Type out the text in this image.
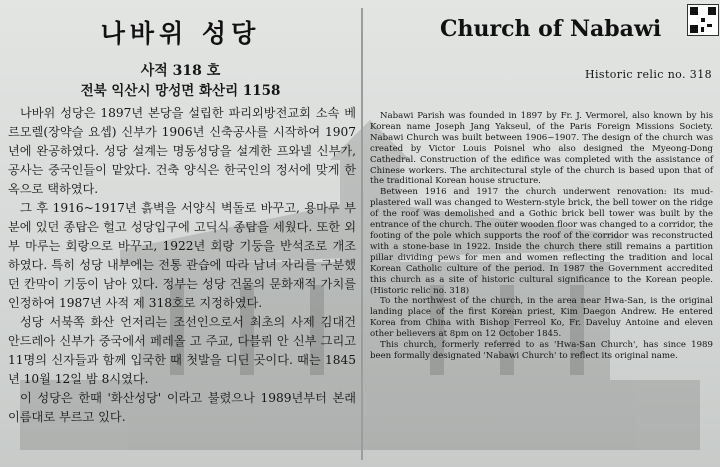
나바위 성당
사적 318 호
전북 익산시 망성면 화산리 1158

나바위 성당은 1897년 본당을 설립한 파리외방전교회 소속 베르모렐(장약슬 요셉) 신부가 1906년 신축공사를 시작하여 1907년에 완공하였다. 성당 설계는 명동성당을 설계한 프와넬 신부가, 공사는 중국인들이 맡았다. 건축 양식은 한국인의 정서에 맞게 한옥으로 택하였다.

그 후 1916~1917년 흙벽을 서양식 벽돌로 바꾸고, 용마루 부분에 있던 종탑은 헐고 성당입구에 고딕식 종탑을 세웠다. 또한 외부 마루는 회랑으로 바꾸고, 1922년 회랑 기둥을 반석조로 개조하였다. 특히 성당 내부에는 전통 관습에 따라 남녀 자리를 구분했던 칸막이 기둥이 남아 있다. 정부는 성당 건물의 문화재적 가치를 인정하여 1987년 사적 제 318호로 지정하였다.

성당 서북쪽 화산 언저리는 조선인으로서 최초의 사제 김대건 안드레아 신부가 중국에서 페레올 고 주교, 다블뤼 안 신부 그리고 11명의 신자들과 함께 입국한 때 첫발을 디딘 곳이다. 때는 1845년 10월 12일 밤 8시였다.

이 성당은 한때 '화산성당' 이라고 불렸으나 1989년부터 본래 이름대로 부르고 있다.

Church of Nabawi
Historic relic no. 318

Nabawi Parish was founded in 1897 by Fr. J. Vermorel, also known by his Korean name Joseph Jang Yakseul, of the Paris Foreign Missions Society. Nabawi Church was built between 1906~1907. The design of the church was created by Victor Louis Poisnel who also designed the Myeong-Dong Cathedral. Construction of the edifice was completed with the assistance of Chinese workers. The architectural style of the church is based upon that of the traditional Korean house structure.

Between 1916 and 1917 the church underwent renovation: its mud-plastered wall was changed to Western-style brick, the bell tower on the ridge of the roof was demolished and a Gothic brick bell tower was built by the entrance of the church. The outer wooden floor was changed to a corridor, the footing of the pole which supports the roof of the corridor was reconstructed with a stone-base in 1922. Inside the church there still remains a partition pillar dividing pews for men and women reflecting the tradition and local Korean Catholic culture of the period. In 1987 the Government accredited this church as a site of historic cultural significance to the Korean people. (Historic relic no. 318)

To the northwest of the church, in the area near Hwa-San, is the original landing place of the first Korean priest, Kim Daegon Andrew. He entered Korea from China with Bishop Ferreol Ko, Fr. Daveluy Antoine and eleven other believers at 8pm on 12 October 1845.

This church, formerly referred to as 'Hwa-San Church', has since 1989 been formally designated 'Nabawi Church' to reflect its original name.
